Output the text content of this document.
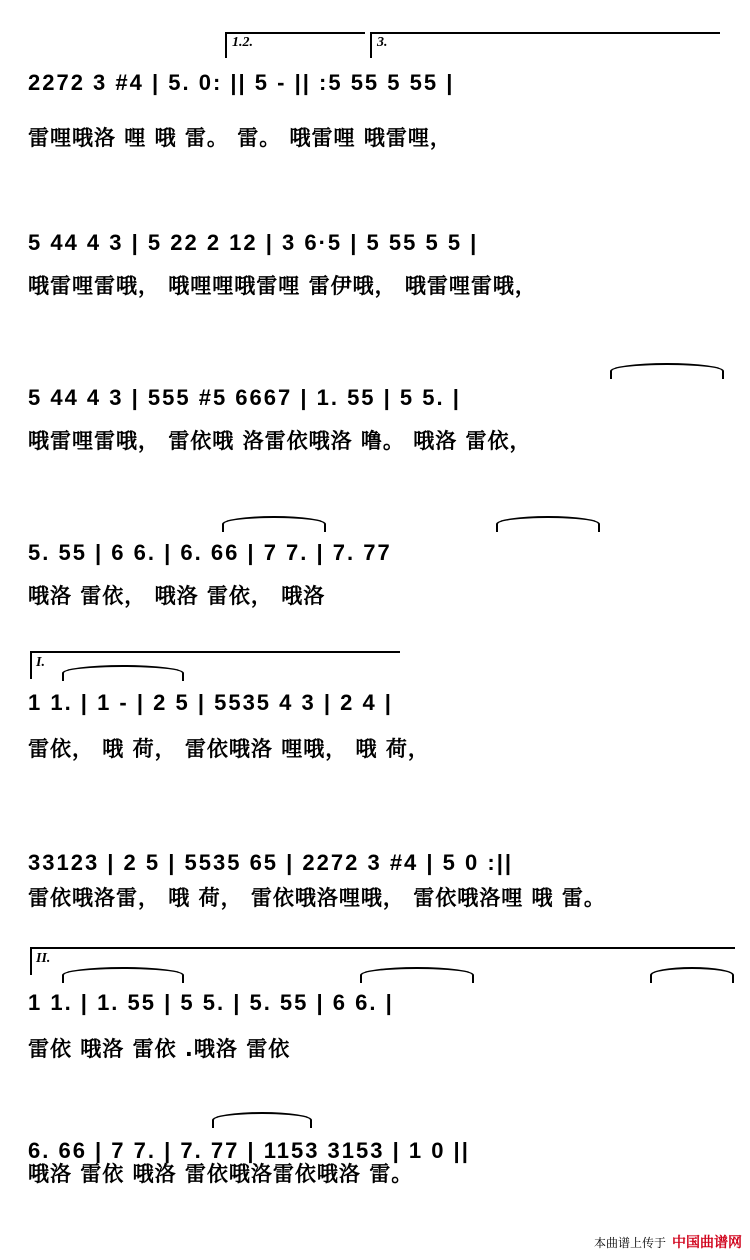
1.2.	3.
2272 3 #4 | 5. 0: || 5 - || :5 55 5 55 |
雷哩哦洛 哩 哦 雷。 雷。 哦雷哩 哦雷哩，
5 44 4 3 | 5 22 2 12 | 3 6·5 | 5 55 5 5 |
哦雷哩雷哦， 哦哩哩哦雷哩 雷伊哦， 哦雷哩雷哦，
5 44 4 3 | 555 #5 6667 | 1. 55 | 5 5. |
哦雷哩雷哦， 雷依哦 洛雷依哦洛 噜。 哦洛 雷依，
5. 55 | 6 6. | 6. 66 | 7 7. | 7. 77
哦洛 雷依， 哦洛 雷依， 哦洛
I.
1 1. | 1 - | 2 5 | 5535 4 3 | 2 4 |
雷依， 哦 荷， 雷依哦洛 哩哦， 哦 荷，
33123 | 2 5 | 5535 65 | 2272 3 #4 | 5 0 :||
雷依哦洛雷， 哦 荷， 雷依哦洛哩哦， 雷依哦洛哩 哦 雷。
II.
1 1. | 1. 55 | 5 5. | 5. 55 | 6 6. |
雷依 哦洛 雷依 .哦洛 雷依
6. 66 | 7 7. | 7. 77 | 1153 3153 | 1 0 ||
哦洛 雷依 哦洛 雷依哦洛雷依哦洛 雷。
本曲谱上传于 中国曲谱网
